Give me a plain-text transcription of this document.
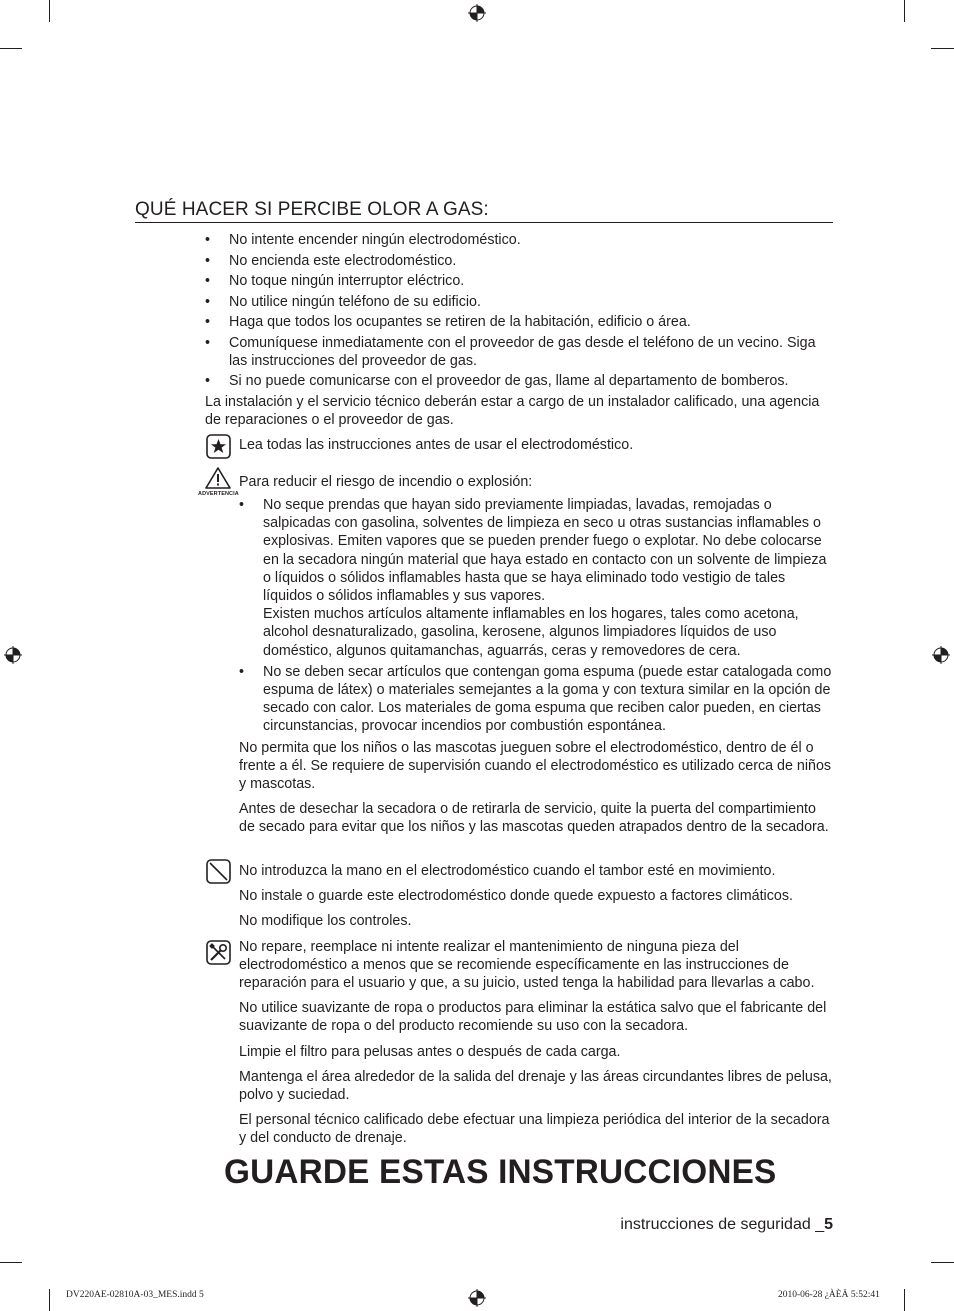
QUÉ HACER SI PERCIBE OLOR A GAS:
• No intente encender ningún electrodoméstico.
• No encienda este electrodoméstico.
• No toque ningún interruptor eléctrico.
• No utilice ningún teléfono de su edificio.
• Haga que todos los ocupantes se retiren de la habitación, edificio o área.
• Comuníquese inmediatamente con el proveedor de gas desde el teléfono de un vecino. Siga las instrucciones del proveedor de gas.
• Si no puede comunicarse con el proveedor de gas, llame al departamento de bomberos.
La instalación y el servicio técnico deberán estar a cargo de un instalador calificado, una agencia de reparaciones o el proveedor de gas.
Lea todas las instrucciones antes de usar el electrodoméstico.
ADVERTENCIA
Para reducir el riesgo de incendio o explosión:
• No seque prendas que hayan sido previamente limpiadas, lavadas, remojadas o salpicadas con gasolina, solventes de limpieza en seco u otras sustancias inflamables o explosivas. Emiten vapores que se pueden prender fuego o explotar. No debe colocarse en la secadora ningún material que haya estado en contacto con un solvente de limpieza o líquidos o sólidos inflamables hasta que se haya eliminado todo vestigio de tales líquidos o sólidos inflamables y sus vapores.
Existen muchos artículos altamente inflamables en los hogares, tales como acetona, alcohol desnaturalizado, gasolina, kerosene, algunos limpiadores líquidos de uso doméstico, algunos quitamanchas, aguarrás, ceras y removedores de cera.
• No se deben secar artículos que contengan goma espuma (puede estar catalogada como espuma de látex) o materiales semejantes a la goma y con textura similar en la opción de secado con calor. Los materiales de goma espuma que reciben calor pueden, en ciertas circunstancias, provocar incendios por combustión espontánea.
No permita que los niños o las mascotas jueguen sobre el electrodoméstico, dentro de él o frente a él. Se requiere de supervisión cuando el electrodoméstico es utilizado cerca de niños y mascotas.
Antes de desechar la secadora o de retirarla de servicio, quite la puerta del compartimiento de secado para evitar que los niños y las mascotas queden atrapados dentro de la secadora.
No introduzca la mano en el electrodoméstico cuando el tambor esté en movimiento.
No instale o guarde este electrodoméstico donde quede expuesto a factores climáticos.
No modifique los controles.
No repare, reemplace ni intente realizar el mantenimiento de ninguna pieza del electrodoméstico a menos que se recomiende específicamente en las instrucciones de reparación para el usuario y que, a su juicio, usted tenga la habilidad para llevarlas a cabo.
No utilice suavizante de ropa o productos para eliminar la estática salvo que el fabricante del suavizante de ropa o del producto recomiende su uso con la secadora.
Limpie el filtro para pelusas antes o después de cada carga.
Mantenga el área alrededor de la salida del drenaje y las áreas circundantes libres de pelusa, polvo y suciedad.
El personal técnico calificado debe efectuar una limpieza periódica del interior de la secadora y del conducto de drenaje.
GUARDE ESTAS INSTRUCCIONES
instrucciones de seguridad _5
DV220AE-02810A-03_MES.indd 5	2010-06-28 ¿ÀÈÄ 5:52:41
